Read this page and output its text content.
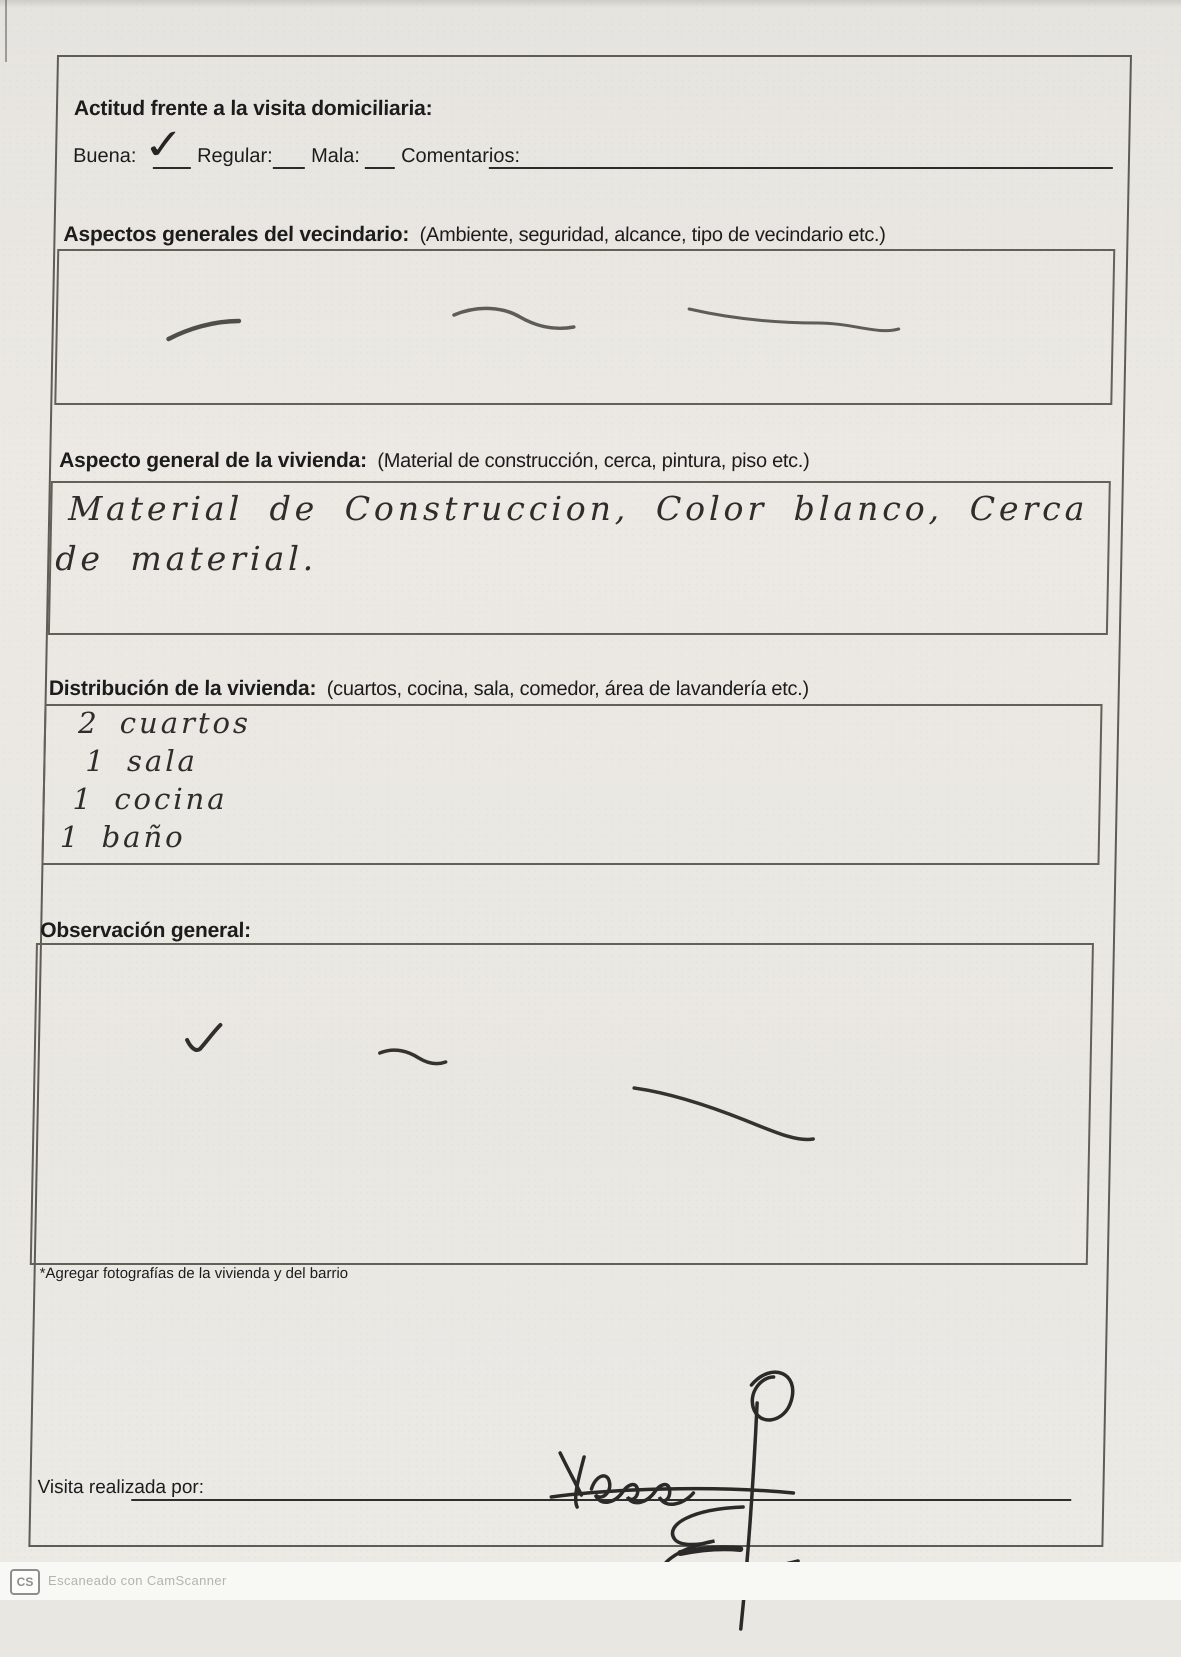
Actitud frente a la visita domiciliaria:
Buena: ✓ Regular: Mala: Comentarios:
Aspectos generales del vecindario: (Ambiente, seguridad, alcance, tipo de vecindario etc.)
Aspecto general de la vivienda: (Material de construcción, cerca, pintura, piso etc.)
Material de Construccion, Color blanco, Cerca
de material.
Distribución de la vivienda: (cuartos, cocina, sala, comedor, área de lavandería etc.)
2 cuartos
1 sala
1 cocina
1 baño
Observación general:
*Agregar fotografías de la vivienda y del barrio
Visita realizada por:
CS	Escaneado con CamScanner
